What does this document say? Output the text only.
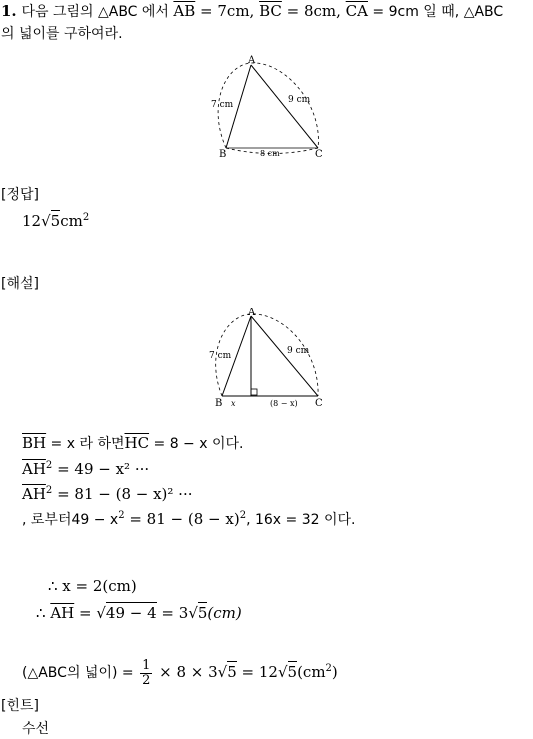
1. 다음 그림의 △ABC 에서 $\overline{AB} = 7cm$, $\overline{BC} = 8cm$, $\overline{CA} = 9cm$ 일 때, △ABC
의 넓이를 구하여라.
A
B	C
7 cm	9 cm
8 cm
[정답]
$12√5cm^2$
[해설]
A
B	C
7 cm	9 cm
x	(8 − x)
$\overline{BH} = x$ 라 하면$\overline{HC} = 8 - x$ 이다.
$\overline{AH}^2 = 49 - x^2$ ···
$\overline{AH}^2 = 81 - (8 - x)^2$ ···
, 로부터$49 - x^2 = 81 - (8 - x)^2$, 16x = 32 이다.
∴ x = 2(cm)
∴ $\overline{AH} = √49 - 4 = 3√5(cm)$
(△ABC의 넓이) = $\frac{1}{2} \times 8 \times 3√5 = 12√5(cm^2)$
[힌트]
수선
